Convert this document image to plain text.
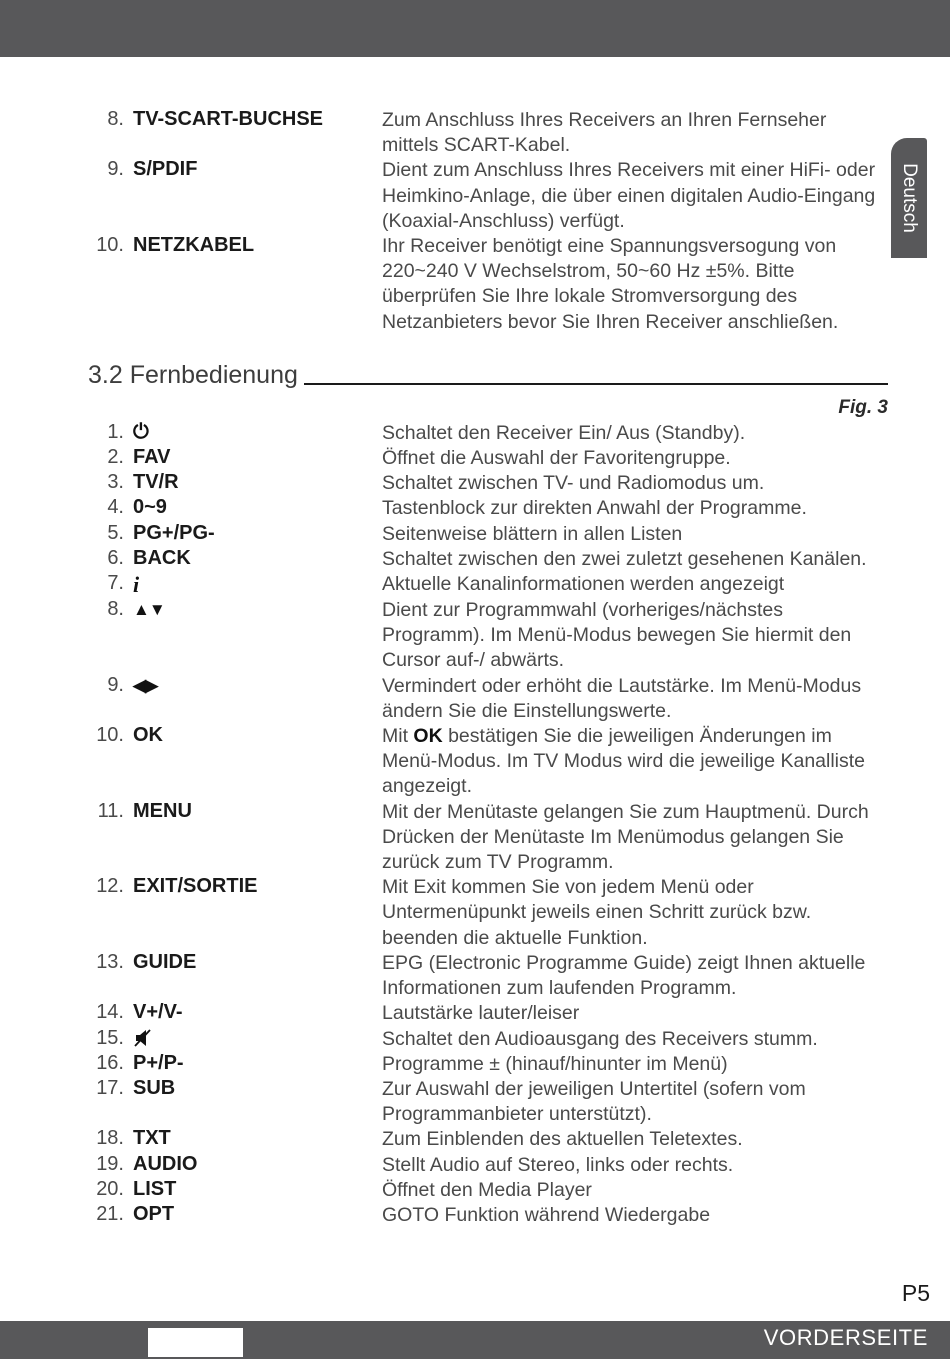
Deutsch
8. TV-SCART-BUCHSE	Zum Anschluss Ihres Receivers an Ihren Fernseher mittels SCART-Kabel.
9. S/PDIF	Dient zum Anschluss Ihres Receivers mit einer HiFi- oder Heimkino-Anlage, die über einen digitalen Audio-Eingang (Koaxial-Anschluss) verfügt.
10. NETZKABEL	Ihr Receiver benötigt eine Spannungsversogung von 220~240 V Wechselstrom, 50~60 Hz ±5%. Bitte überprüfen Sie Ihre lokale Stromversorgung des Netzanbieters bevor Sie Ihren Receiver anschließen.
3.2 Fernbedienung
Fig. 3
1. ⏻	Schaltet den Receiver Ein/ Aus (Standby).
2. FAV	Öffnet die Auswahl der Favoritengruppe.
3. TV/R	Schaltet zwischen TV- und Radiomodus um.
4. 0~9	Tastenblock zur direkten Anwahl der Programme.
5. PG+/PG-	Seitenweise blättern in allen Listen
6. BACK	Schaltet zwischen den zwei zuletzt gesehenen Kanälen.
7. i	Aktuelle Kanalinformationen werden angezeigt
8. ▲▼	Dient zur Programmwahl (vorheriges/nächstes Programm). Im Menü-Modus bewegen Sie hiermit den Cursor auf-/ abwärts.
9. ◀▶	Vermindert oder erhöht die Lautstärke. Im Menü-Modus ändern Sie die Einstellungswerte.
10. OK	Mit OK bestätigen Sie die jeweiligen Änderungen im Menü-Modus. Im TV Modus wird die jeweilige Kanalliste angezeigt.
11. MENU	Mit der Menütaste gelangen Sie zum Hauptmenü. Durch Drücken der Menütaste Im Menümodus gelangen Sie zurück zum TV Programm.
12. EXIT/SORTIE	Mit Exit kommen Sie von jedem Menü oder Untermenüpunkt jeweils einen Schritt zurück bzw. beenden die aktuelle Funktion.
13. GUIDE	EPG (Electronic Programme Guide) zeigt Ihnen aktuelle Informationen zum laufenden Programm.
14. V+/V-	Lautstärke lauter/leiser
15.	Schaltet den Audioausgang des Receivers stumm.
16. P+/P-	Programme ± (hinauf/hinunter im Menü)
17. SUB	Zur Auswahl der jeweiligen Untertitel (sofern vom Programmanbieter unterstützt).
18. TXT	Zum Einblenden des aktuellen Teletextes.
19. AUDIO	Stellt Audio auf Stereo, links oder rechts.
20. LIST	Öffnet den Media Player
21. OPT	GOTO Funktion während Wiedergabe
P5
VORDERSEITE
